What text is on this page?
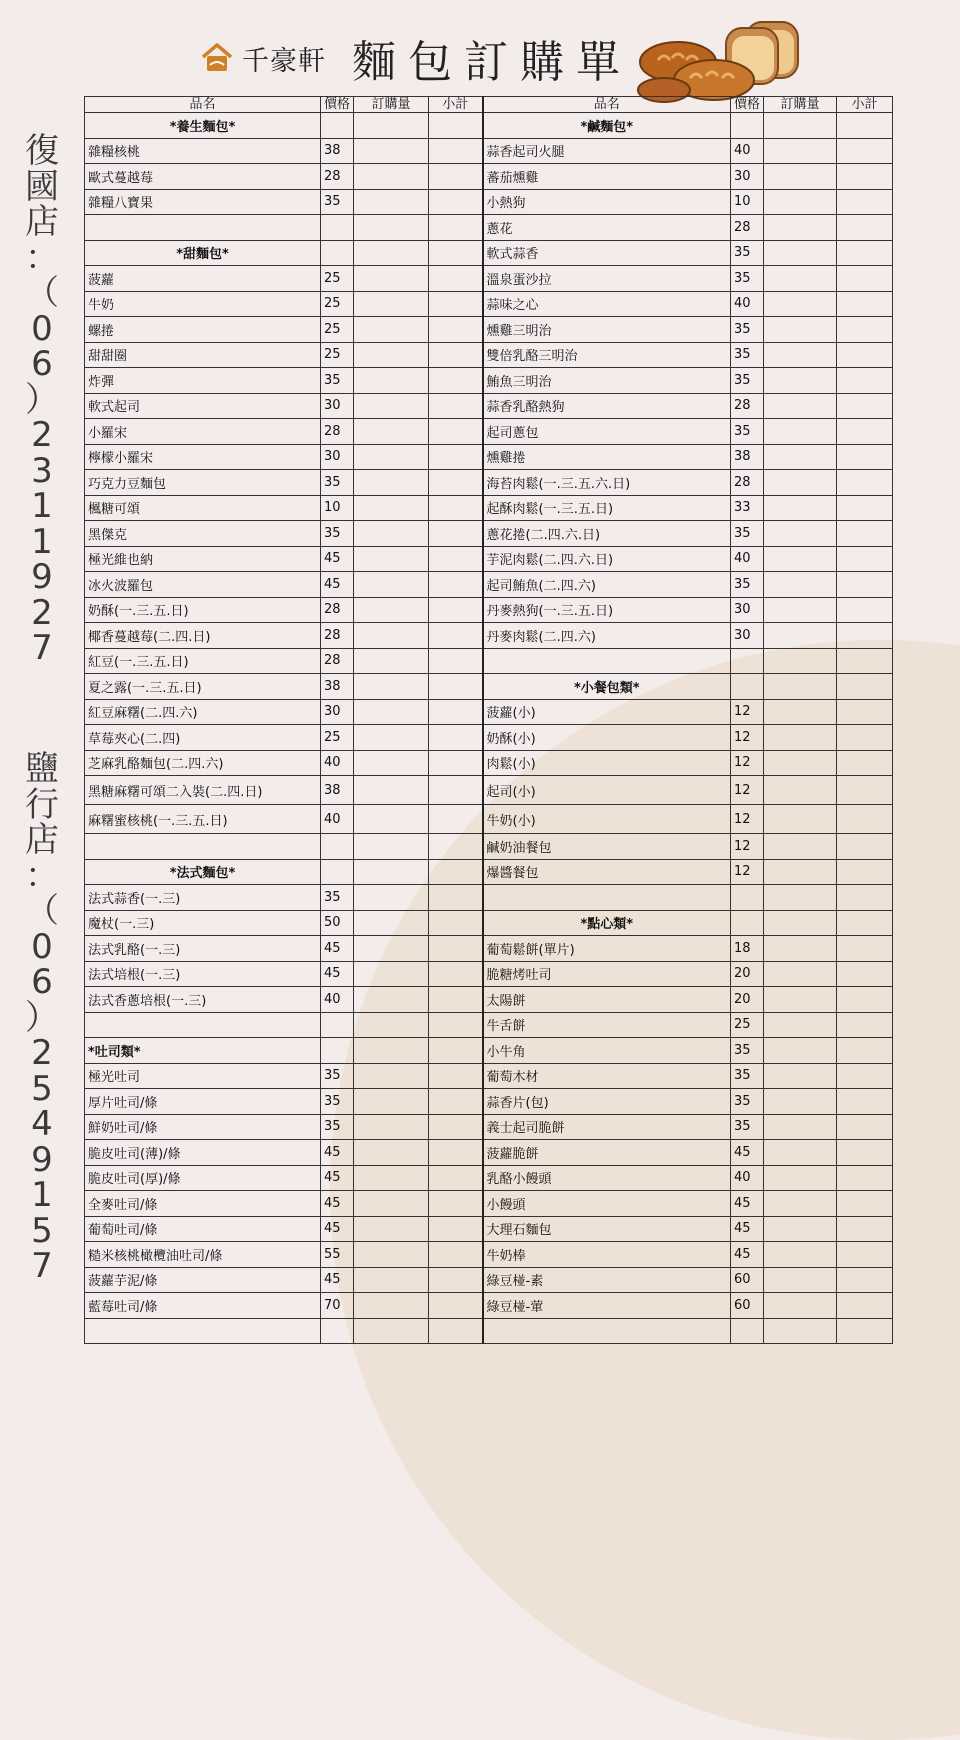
復
國
店
：
（
0
6
）
2
3
1
1
9
2
7
鹽
行
店
：
（
0
6
）
2
5
4
9
1
5
7
千豪軒 麵包訂購單
品名	價格	訂購量	小計	品名	價格	訂購量	小計
*養生麵包*				*鹹麵包*			
雜糧核桃	38			蒜香起司火腿	40		
歐式蔓越莓	28			蕃茄燻雞	30		
雜糧八寶果	35			小熱狗	10		
				蔥花	28		
*甜麵包*				軟式蒜香	35		
菠蘿	25			溫泉蛋沙拉	35		
牛奶	25			蒜味之心	40		
螺捲	25			燻雞三明治	35		
甜甜圈	25			雙倍乳酪三明治	35		
炸彈	35			鮪魚三明治	35		
軟式起司	30			蒜香乳酪熱狗	28		
小羅宋	28			起司蔥包	35		
檸檬小羅宋	30			燻雞捲	38		
巧克力豆麵包	35			海苔肉鬆(一.三.五.六.日)	28		
楓糖可頌	10			起酥肉鬆(一.三.五.日)	33		
黑傑克	35			蔥花捲(二.四.六.日)	35		
極光維也納	45			芋泥肉鬆(二.四.六.日)	40		
冰火波羅包	45			起司鮪魚(二.四.六)	35		
奶酥(一.三.五.日)	28			丹麥熱狗(一.三.五.日)	30		
椰香蔓越莓(二.四.日)	28			丹麥肉鬆(二.四.六)	30		
紅豆(一.三.五.日)	28						
夏之露(一.三.五.日)	38			*小餐包類*			
紅豆麻糬(二.四.六)	30			菠蘿(小)	12		
草莓夾心(二.四)	25			奶酥(小)	12		
芝麻乳酪麵包(二.四.六)	40			肉鬆(小)	12		
黑糖麻糬可頌二入裝(二.四.日)	38			起司(小)	12		
麻糬蜜核桃(一.三.五.日)	40			牛奶(小)	12		
				鹹奶油餐包	12		
*法式麵包*				爆醬餐包	12		
法式蒜香(一.三)	35						
魔杖(一.三)	50			*點心類*			
法式乳酪(一.三)	45			葡萄鬆餅(單片)	18		
法式培根(一.三)	45			脆糖烤吐司	20		
法式香蔥培根(一.三)	40			太陽餅	20		
				牛舌餅	25		
*吐司類*				小牛角	35		
極光吐司	35			葡萄木材	35		
厚片吐司/條	35			蒜香片(包)	35		
鮮奶吐司/條	35			義士起司脆餅	35		
脆皮吐司(薄)/條	45			菠蘿脆餅	45		
脆皮吐司(厚)/條	45			乳酪小饅頭	40		
全麥吐司/條	45			小饅頭	45		
葡萄吐司/條	45			大理石麵包	45		
糙米核桃橄欖油吐司/條	55			牛奶棒	45		
菠蘿芋泥/條	45			綠豆椪-素	60		
藍莓吐司/條	70			綠豆椪-葷	60		
